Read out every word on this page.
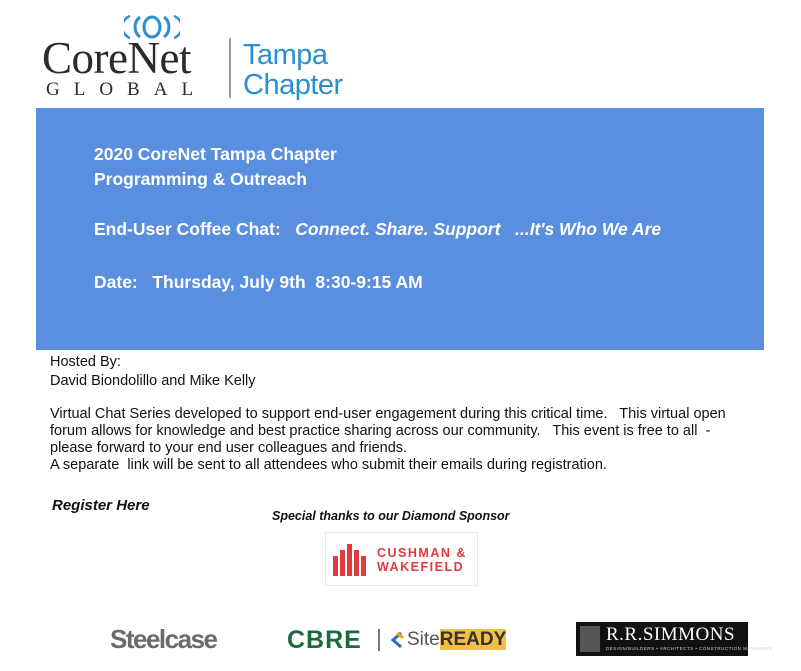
CoreNet
GLOBAL
Tampa
Chapter
2020 CoreNet Tampa Chapter
Programming & Outreach
End-User Coffee Chat: Connect. Share. Support   ...It's Who We Are
Date: Thursday, July 9th  8:30-9:15 AM
Hosted By:
David Biondolillo and Mike Kelly
Virtual Chat Series developed to support end-user engagement during this critical time.   This virtual open
forum allows for knowledge and best practice sharing across our community.   This event is free to all  -
please forward to your end user colleagues and friends.
A separate  link will be sent to all attendees who submit their emails during registration.
Register Here
Special thanks to our Diamond Sponsor
CUSHMAN &
WAKEFIELD
Steelcase	CBRE SiteREADY	R.R.SIMMONS
DESIGN/BUILDERS • ARCHITECTS • CONSTRUCTION MANAGERS
